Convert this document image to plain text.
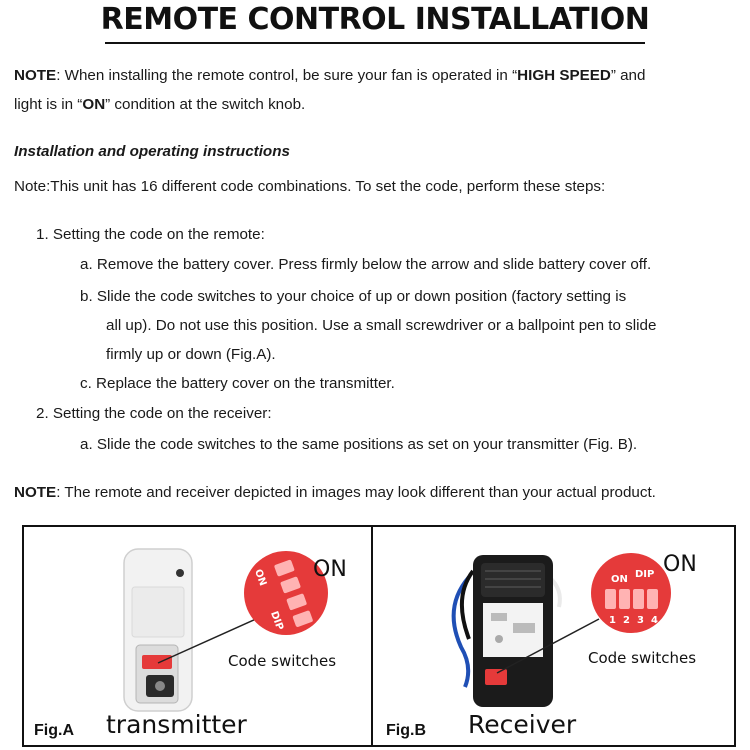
REMOTE CONTROL INSTALLATION
NOTE: When installing the remote control, be sure your fan is operated in “HIGH SPEED” and
light is in “ON” condition at the switch knob.
Installation and operating instructions
Note:This unit has 16 different code combinations. To set the code, perform these steps:
1. Setting the code on the remote:
a. Remove the battery cover. Press firmly below the arrow and slide battery cover off.
b. Slide the code switches to your choice of up or down position (factory setting is
all up). Do not use this position. Use a small screwdriver or a ballpoint pen to slide
firmly up or down (Fig.A).
c. Replace the battery cover on the transmitter.
2. Setting the code on the receiver:
a. Slide the code switches to the same positions as set on your transmitter (Fig. B).
NOTE: The remote and receiver depicted in images may look different than your actual product.
ON
DIP
ON
Code switches
Fig.A transmitter
ON DIP
1 2 3 4
ON
Code switches
Fig.B Receiver
